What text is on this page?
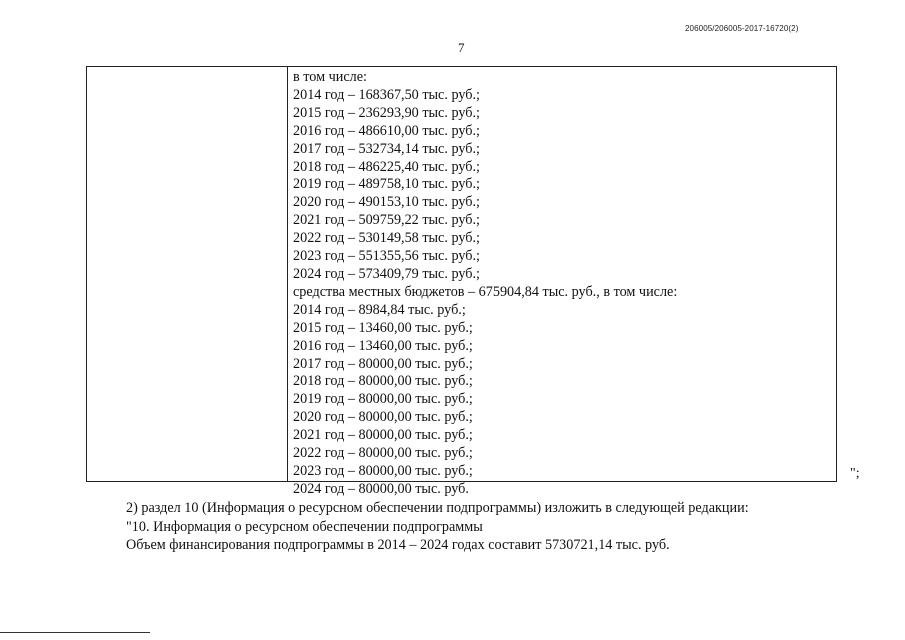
206005/206005-2017-16720(2)
7
в том числе:
2014 год – 168367,50 тыс. руб.;
2015 год – 236293,90 тыс. руб.;
2016 год – 486610,00 тыс. руб.;
2017 год – 532734,14 тыс. руб.;
2018 год – 486225,40 тыс. руб.;
2019 год – 489758,10 тыс. руб.;
2020 год – 490153,10 тыс. руб.;
2021 год – 509759,22 тыс. руб.;
2022 год – 530149,58 тыс. руб.;
2023 год – 551355,56 тыс. руб.;
2024 год – 573409,79 тыс. руб.;
средства местных бюджетов – 675904,84 тыс. руб., в том числе:
2014 год – 8984,84 тыс. руб.;
2015 год – 13460,00 тыс. руб.;
2016 год – 13460,00 тыс. руб.;
2017 год – 80000,00 тыс. руб.;
2018 год – 80000,00 тыс. руб.;
2019 год – 80000,00 тыс. руб.;
2020 год – 80000,00 тыс. руб.;
2021 год – 80000,00 тыс. руб.;
2022 год – 80000,00 тыс. руб.;
2023 год – 80000,00 тыс. руб.;
2024 год – 80000,00 тыс. руб.
";
2) раздел 10 (Информация о ресурсном обеспечении подпрограммы) изложить в следующей редакции:
"10. Информация о ресурсном обеспечении подпрограммы
Объем финансирования подпрограммы в 2014 – 2024 годах составит 5730721,14 тыс. руб.
